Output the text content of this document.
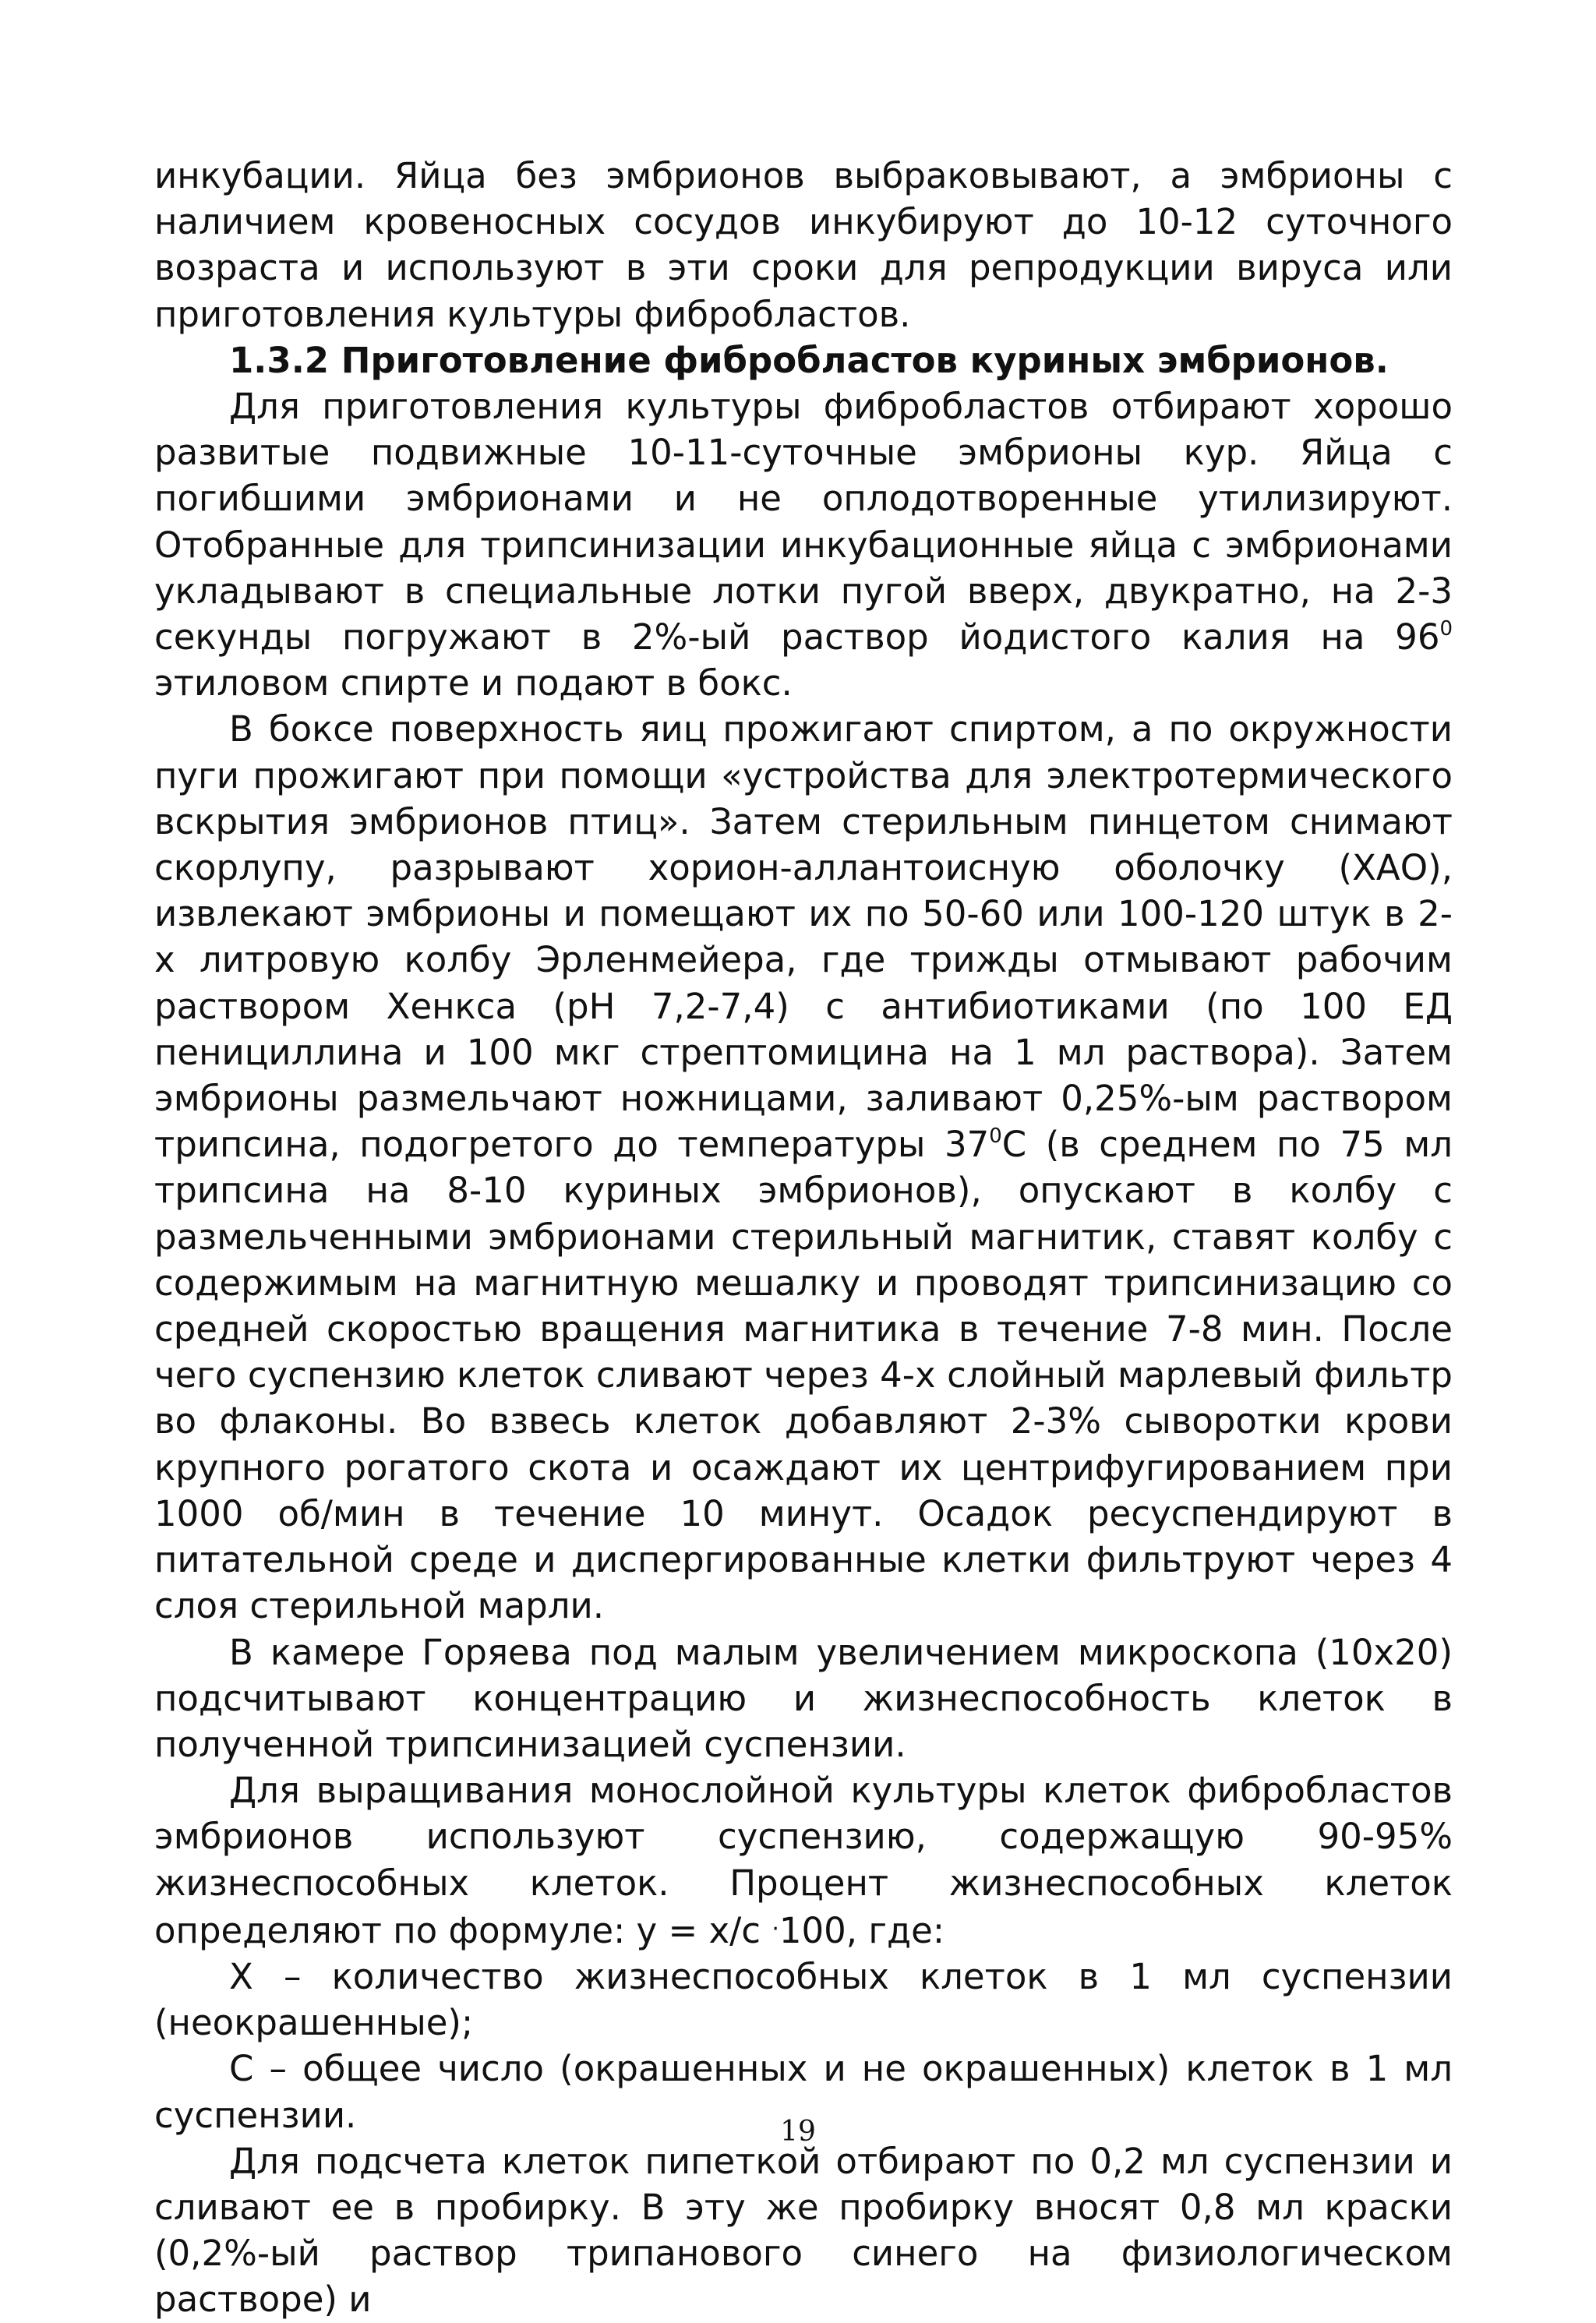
инкубации. Яйца без эмбрионов выбраковывают, а эмбрионы с наличием кровеносных сосудов инкубируют до 10-12 суточного возраста и используют в эти сроки для репродукции вируса или приготовления культуры фибробластов.

1.3.2 Приготовление фибробластов куриных эмбрионов.

Для приготовления культуры фибробластов отбирают хорошо развитые подвижные 10-11-суточные эмбрионы кур. Яйца с погибшими эмбрионами и не оплодотворенные утилизируют. Отобранные для трипсинизации инкубационные яйца с эмбрионами укладывают в специальные лотки пугой вверх, двукратно, на 2-3 секунды погружают в 2%-ый раствор йодистого калия на $96^0$ этиловом спирте и подают в бокс.

В боксе поверхность яиц прожигают спиртом, а по окружности пуги прожигают при помощи «устройства для электротермического вскрытия эмбрионов птиц». Затем стерильным пинцетом снимают скорлупу, разрывают хорион-аллантоисную оболочку (ХАО), извлекают эмбрионы и помещают их по 50-60 или 100-120 штук в 2-х литровую колбу Эрленмейера, где трижды отмывают рабочим раствором Хенкса (рН 7,2-7,4) с антибиотиками (по 100 ЕД пенициллина и 100 мкг стрептомицина на 1 мл раствора). Затем эмбрионы размельчают ножницами, заливают 0,25%-ым раствором трипсина, подогретого до температуры $37^0С$ (в среднем по 75 мл трипсина на 8-10 куриных эмбрионов), опускают в колбу с размельченными эмбрионами стерильный магнитик, ставят колбу с содержимым на магнитную мешалку и проводят трипсинизацию со средней скоростью вращения магнитика в течение 7-8 мин. После чего суспензию клеток сливают через 4-х слойный марлевый фильтр во флаконы. Во взвесь клеток добавляют 2-3% сыворотки крови крупного рогатого скота и осаждают их центрифугированием при 1000 об/мин в течение 10 минут. Осадок ресуспендируют в питательной среде и диспергированные клетки фильтруют через 4 слоя стерильной марли.

В камере Горяева под малым увеличением микроскопа (10х20) подсчитывают концентрацию и жизнеспособность клеток в полученной трипсинизацией суспензии.

Для выращивания монослойной культуры клеток фибробластов эмбрионов используют суспензию, содержащую 90-95% жизнеспособных клеток. Процент жизнеспособных клеток определяют по формуле: у = х/с ·100, где:

Х – количество жизнеспособных клеток в 1 мл суспензии (неокрашенные);

С – общее число (окрашенных и не окрашенных) клеток в 1 мл суспензии.

Для подсчета клеток пипеткой отбирают по 0,2 мл суспензии и сливают ее в пробирку. В эту же пробирку вносят 0,8 мл краски (0,2%-ый раствор трипанового синего на физиологическом растворе) и

19
